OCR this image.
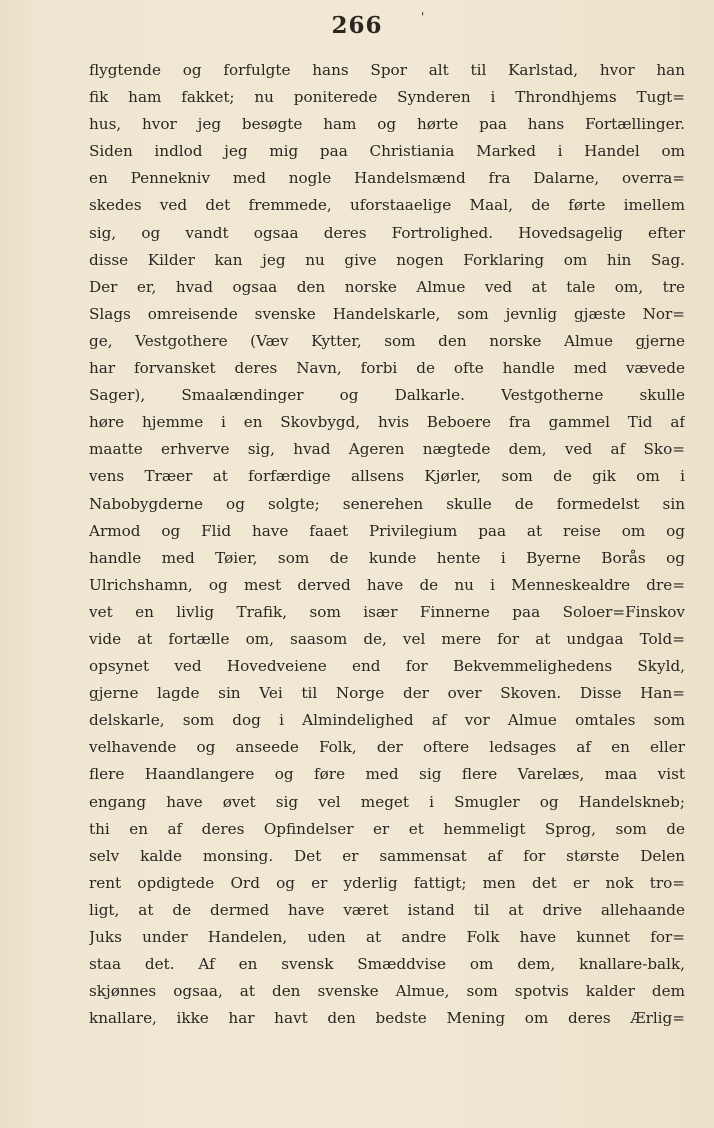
266	'
flygtende og forfulgte hans Spor alt til Karlstad, hvor han
fik ham fakket; nu poniterede Synderen i Throndhjems Tugt=
hus, hvor jeg besøgte ham og hørte paa hans Fortællinger.
Siden indlod jeg mig paa Christiania Marked i Handel om
en Pennekniv med nogle Handelsmænd fra Dalarne, overra=
skedes ved det fremmede, uforstaaelige Maal, de førte imellem
sig, og vandt ogsaa deres Fortrolighed. Hovedsagelig efter
disse Kilder kan jeg nu give nogen Forklaring om hin Sag.
Der er, hvad ogsaa den norske Almue ved at tale om, tre
Slags omreisende svenske Handelskarle, som jevnlig gjæste Nor=
ge, Vestgothere (Væv Kytter, som den norske Almue gjerne
har forvansket deres Navn, forbi de ofte handle med vævede
Sager), Smaalændinger og Dalkarle. Vestgotherne skulle
høre hjemme i en Skovbygd, hvis Beboere fra gammel Tid af
maatte erhverve sig, hvad Ageren nægtede dem, ved af Sko=
vens Træer at forfærdige allsens Kjørler, som de gik om i
Nabobygderne og solgte; senerehen skulle de formedelst sin
Armod og Flid have faaet Privilegium paa at reise om og
handle med Tøier, som de kunde hente i Byerne Borås og
Ulrichshamn, og mest derved have de nu i Menneskealdre dre=
vet en livlig Trafik, som især Finnerne paa Soloer=Finskov
vide at fortælle om, saasom de, vel mere for at undgaa Told=
opsynet ved Hovedveiene end for Bekvemmelighedens Skyld,
gjerne lagde sin Vei til Norge der over Skoven. Disse Han=
delskarle, som dog i Almindelighed af vor Almue omtales som
velhavende og anseede Folk, der oftere ledsages af en eller
flere Haandlangere og føre med sig flere Varelæs, maa vist
engang have øvet sig vel meget i Smugler og Handelskneb;
thi en af deres Opfindelser er et hemmeligt Sprog, som de
selv kalde monsing. Det er sammensat af for største Delen
rent opdigtede Ord og er yderlig fattigt; men det er nok tro=
ligt, at de dermed have været istand til at drive allehaande
Juks under Handelen, uden at andre Folk have kunnet for=
staa det. Af en svensk Smæddvise om dem, knallare-balk,
skjønnes ogsaa, at den svenske Almue, som spotvis kalder dem
knallare, ikke har havt den bedste Mening om deres Ærlig=
